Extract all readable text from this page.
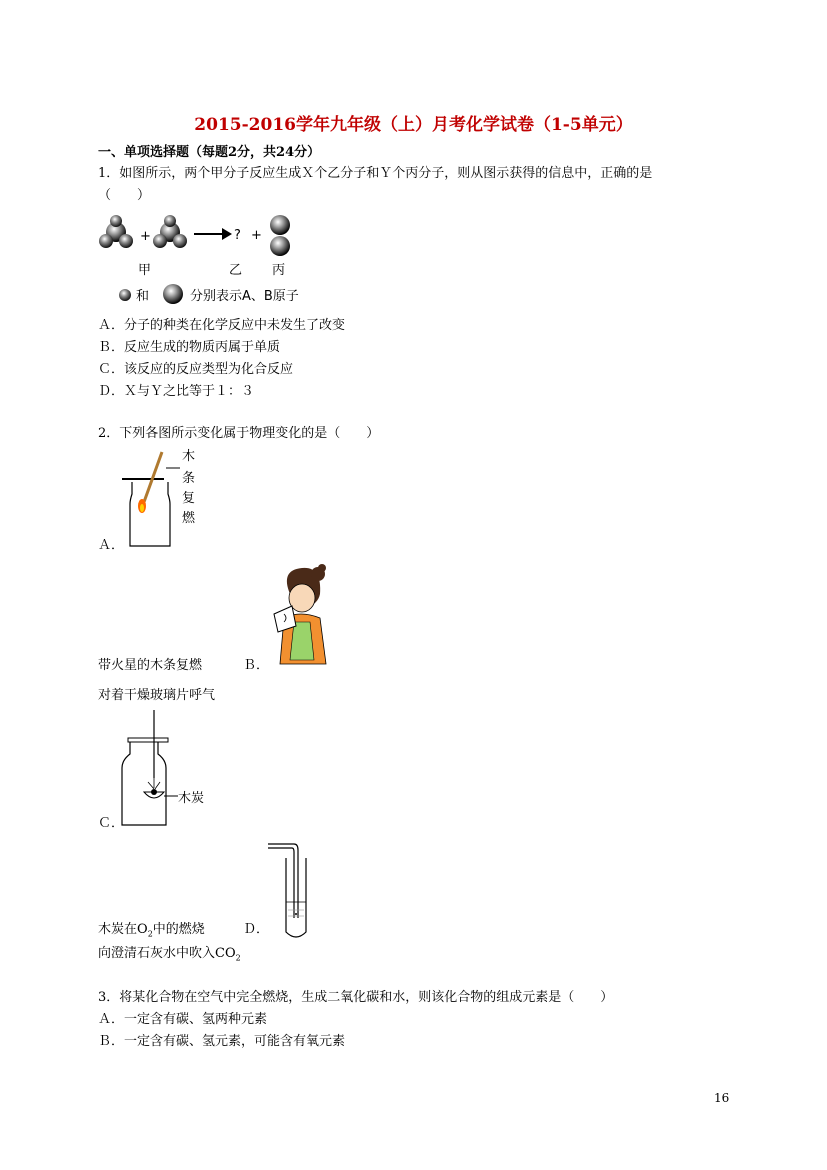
2015-2016学年九年级（上）月考化学试卷（1-5单元）
一、单项选择题（每题2分，共24分）
1．如图所示，两个甲分子反应生成Ｘ个乙分子和Ｙ个丙分子，则从图示获得的信息中，正确的是
（　　）
+	? +
甲	乙 丙
和	分别表示A、B原子
Ａ．分子的种类在化学反应中未发生了改变
Ｂ．反应生成的物质丙属于单质
Ｃ．该反应的反应类型为化合反应
Ｄ．Ｘ与Ｙ之比等于１：３
2．下列各图所示变化属于物理变化的是（　　）
木
条
复
燃
Ａ．
带火星的木条复燃	Ｂ．
对着干燥玻璃片呼气
木炭
Ｃ．
木炭在$O_2$中的燃烧	Ｄ．
向澄清石灰水中吹入$CO_2$
3．将某化合物在空气中完全燃烧，生成二氧化碳和水，则该化合物的组成元素是（　　）
Ａ．一定含有碳、氢两种元素
Ｂ．一定含有碳、氢元素，可能含有氧元素
16
